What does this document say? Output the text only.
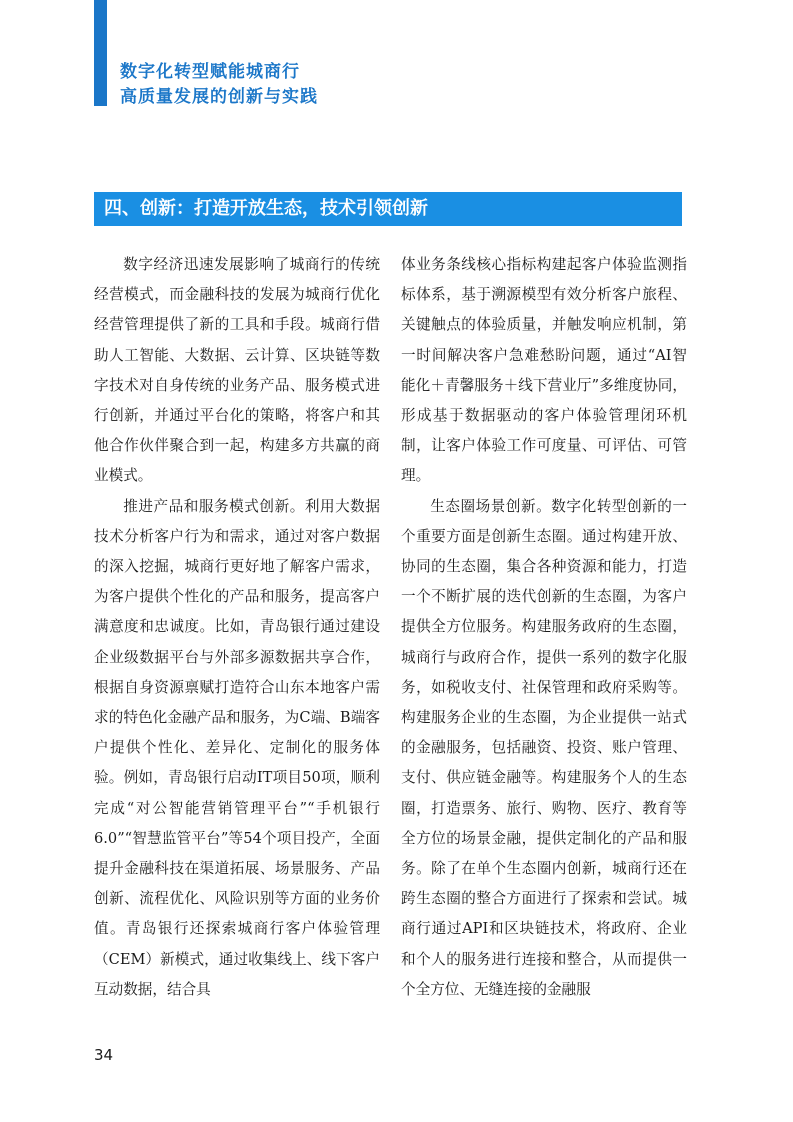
数字化转型赋能城商行
高质量发展的创新与实践
四、创新：打造开放生态，技术引领创新

数字经济迅速发展影响了城商行的传统经营模式，而金融科技的发展为城商行优化经营管理提供了新的工具和手段。城商行借助人工智能、大数据、云计算、区块链等数字技术对自身传统的业务产品、服务模式进行创新，并通过平台化的策略，将客户和其他合作伙伴聚合到一起，构建多方共赢的商业模式。

推进产品和服务模式创新。利用大数据技术分析客户行为和需求，通过对客户数据的深入挖掘，城商行更好地了解客户需求，为客户提供个性化的产品和服务，提高客户满意度和忠诚度。比如，青岛银行通过建设企业级数据平台与外部多源数据共享合作，根据自身资源禀赋打造符合山东本地客户需求的特色化金融产品和服务，为C端、B端客户提供个性化、差异化、定制化的服务体验。例如，青岛银行启动IT项目50项，顺利完成“对公智能营销管理平台”“手机银行6.0”“智慧监管平台”等54个项目投产，全面提升金融科技在渠道拓展、场景服务、产品创新、流程优化、风险识别等方面的业务价值。青岛银行还探索城商行客户体验管理（CEM）新模式，通过收集线上、线下客户互动数据，结合具

体业务条线核心指标构建起客户体验监测指标体系，基于溯源模型有效分析客户旅程、关键触点的体验质量，并触发响应机制，第一时间解决客户急难愁盼问题，通过“AI智能化＋青馨服务＋线下营业厅”多维度协同，形成基于数据驱动的客户体验管理闭环机制，让客户体验工作可度量、可评估、可管理。

生态圈场景创新。数字化转型创新的一个重要方面是创新生态圈。通过构建开放、协同的生态圈，集合各种资源和能力，打造一个不断扩展的迭代创新的生态圈，为客户提供全方位服务。构建服务政府的生态圈，城商行与政府合作，提供一系列的数字化服务，如税收支付、社保管理和政府采购等。构建服务企业的生态圈，为企业提供一站式的金融服务，包括融资、投资、账户管理、支付、供应链金融等。构建服务个人的生态圈，打造票务、旅行、购物、医疗、教育等全方位的场景金融，提供定制化的产品和服务。除了在单个生态圈内创新，城商行还在跨生态圈的整合方面进行了探索和尝试。城商行通过API和区块链技术，将政府、企业和个人的服务进行连接和整合，从而提供一个全方位、无缝连接的金融服

34
